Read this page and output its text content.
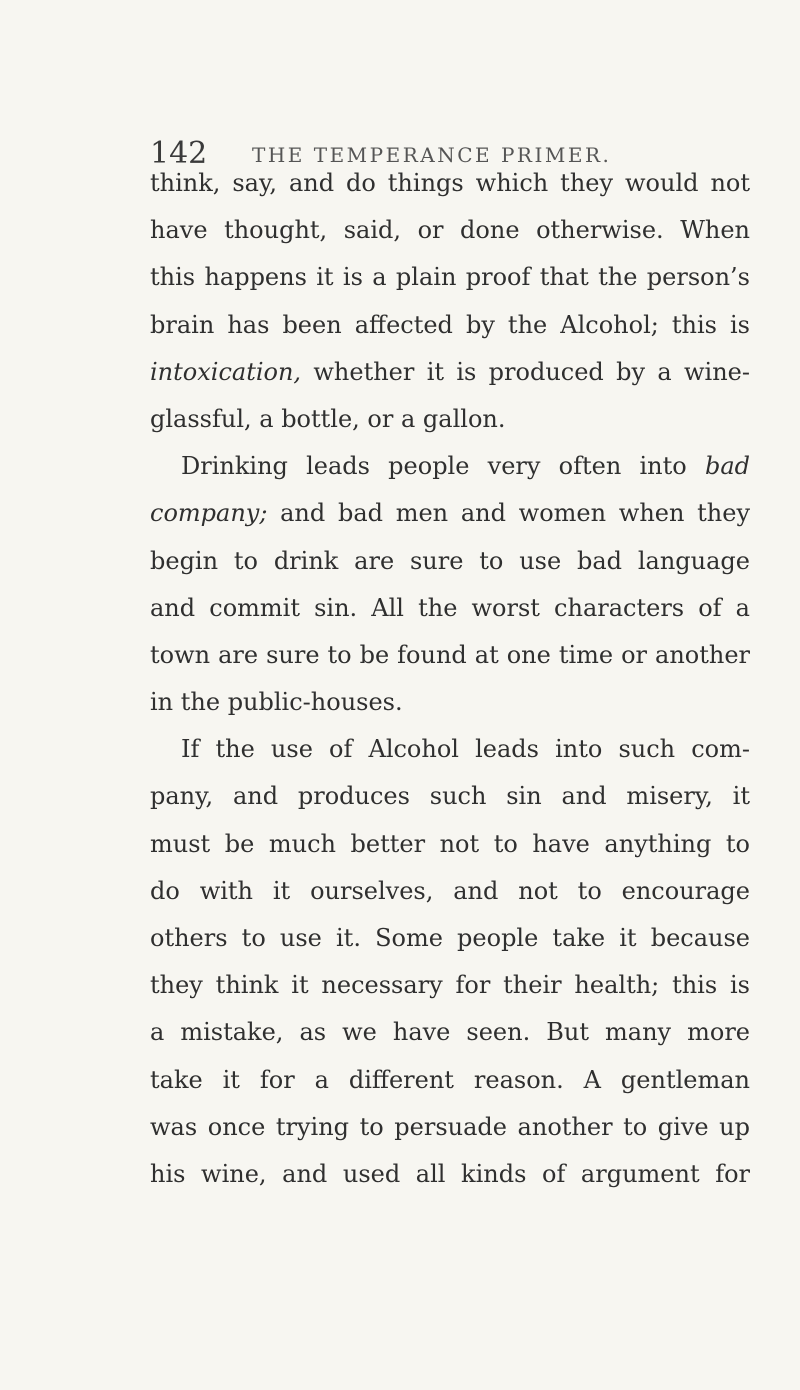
142 THE TEMPERANCE PRIMER.
think, say, and do things which they would not
have thought, said, or done otherwise. When
this happens it is a plain proof that the person’s
brain has been affected by the Alcohol; this is
intoxication, whether it is produced by a wine-
glassful, a bottle, or a gallon.
Drinking leads people very often into bad
company; and bad men and women when they
begin to drink are sure to use bad language
and commit sin. All the worst characters of a
town are sure to be found at one time or another
in the public-houses.
If the use of Alcohol leads into such com-
pany, and produces such sin and misery, it
must be much better not to have anything to
do with it ourselves, and not to encourage
others to use it. Some people take it because
they think it necessary for their health; this is
a mistake, as we have seen. But many more
take it for a different reason. A gentleman
was once trying to persuade another to give up
his wine, and used all kinds of argument for
